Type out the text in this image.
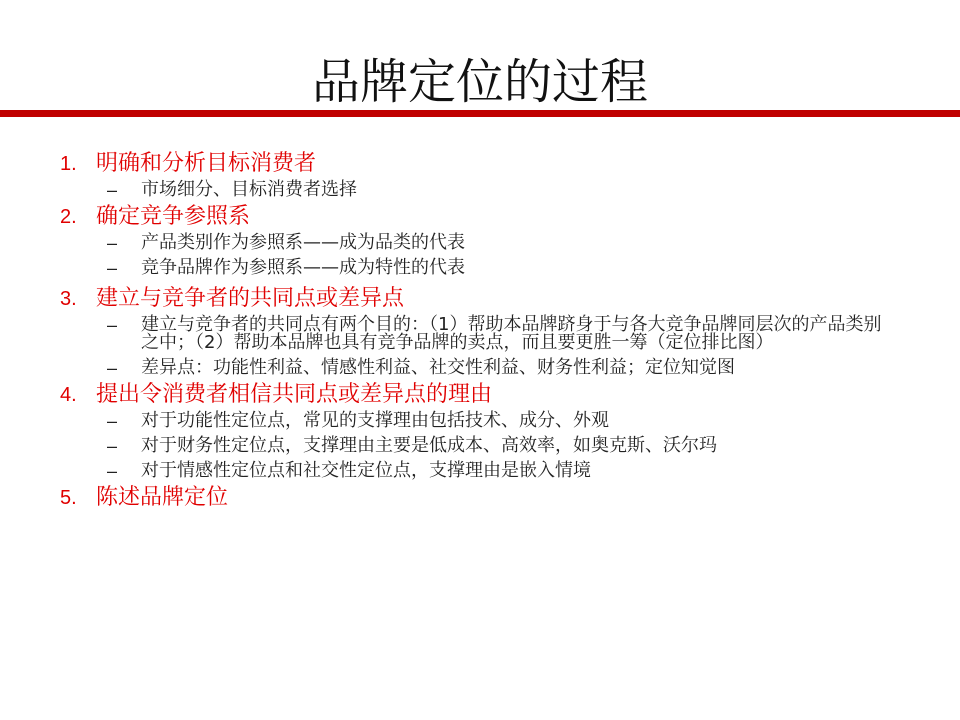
品牌定位的过程
1. 明确和分析目标消费者
– 市场细分、目标消费者选择
2. 确定竞争参照系
– 产品类别作为参照系——成为品类的代表
– 竞争品牌作为参照系——成为特性的代表
3. 建立与竞争者的共同点或差异点
– 建立与竞争者的共同点有两个目的：（1）帮助本品牌跻身于与各大竞争品牌同层次的产品类别之中；（2）帮助本品牌也具有竞争品牌的卖点，而且要更胜一筹（定位排比图）
– 差异点：功能性利益、情感性利益、社交性利益、财务性利益；定位知觉图
4. 提出令消费者相信共同点或差异点的理由
– 对于功能性定位点，常见的支撑理由包括技术、成分、外观
– 对于财务性定位点，支撑理由主要是低成本、高效率，如奥克斯、沃尔玛
– 对于情感性定位点和社交性定位点，支撑理由是嵌入情境
5. 陈述品牌定位
